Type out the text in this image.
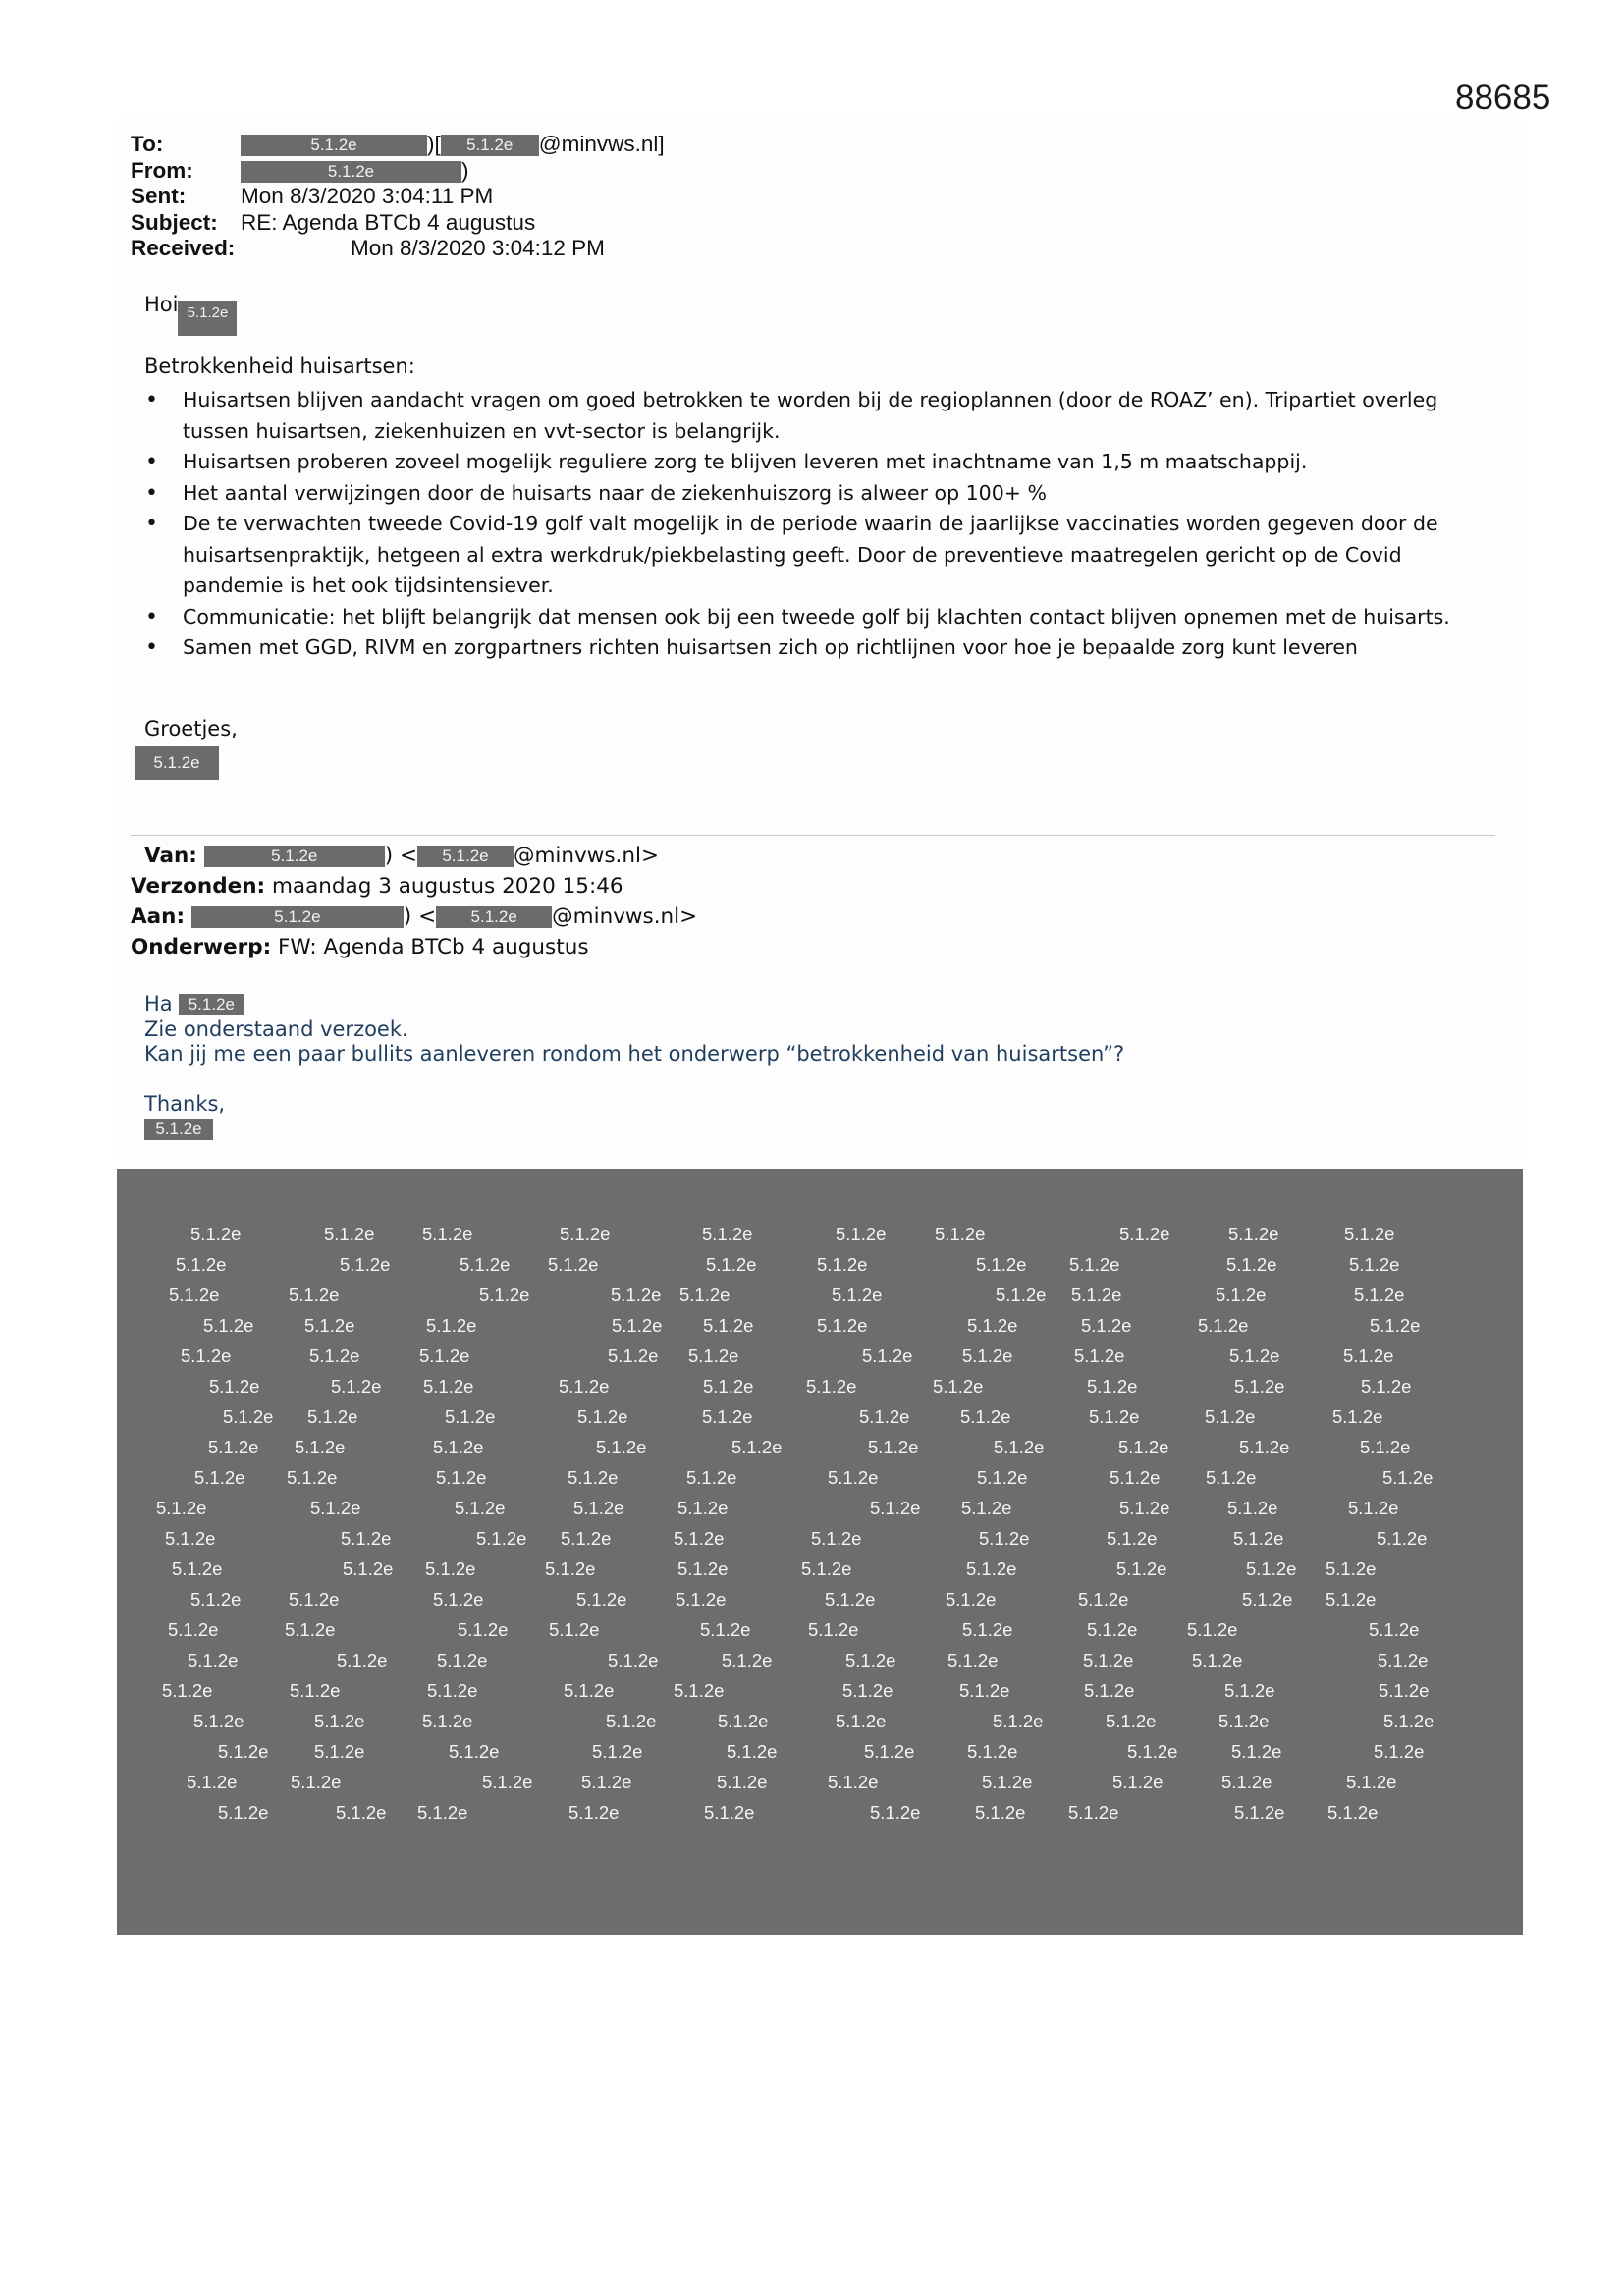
88685
To:	5.1.2e	)[ 5.1.2e @minvws.nl]
From:	5.1.2e	)
Sent: Mon 8/3/2020 3:04:11 PM
Subject: RE: Agenda BTCb 4 augustus
Received:	Mon 8/3/2020 3:04:12 PM
Hoi 5.1.2e
Betrokkenheid huisartsen:
• Huisartsen blijven aandacht vragen om goed betrokken te worden bij de regioplannen (door de ROAZ’ en). Tripartiet overleg tussen huisartsen, ziekenhuizen en vvt-sector is belangrijk.
• Huisartsen proberen zoveel mogelijk reguliere zorg te blijven leveren met inachtname van 1,5 m maatschappij.
• Het aantal verwijzingen door de huisarts naar de ziekenhuiszorg is alweer op 100+ %
• De te verwachten tweede Covid-19 golf valt mogelijk in de periode waarin de jaarlijkse vaccinaties worden gegeven door de huisartsenpraktijk, hetgeen al extra werkdruk/piekbelasting geeft. Door de preventieve maatregelen gericht op de Covid pandemie is het ook tijdsintensiever.
• Communicatie: het blijft belangrijk dat mensen ook bij een tweede golf bij klachten contact blijven opnemen met de huisarts.
• Samen met GGD, RIVM en zorgpartners richten huisartsen zich op richtlijnen voor hoe je bepaalde zorg kunt leveren
Groetjes,
5.1.2e
Van:	5.1.2e	) < 5.1.2e @minvws.nl>
Verzonden: maandag 3 augustus 2020 15:46
Aan:	5.1.2e	) < 5.1.2e @minvws.nl>
Onderwerp: FW: Agenda BTCb 4 augustus
Ha 5.1.2e
Zie onderstaand verzoek.
Kan jij me een paar bullits aanleveren rondom het onderwerp “betrokkenheid van huisartsen”?
Thanks,
5.1.2e
5.1.2e	5.1.2e	5.1.2e	5.1.2e	5.1.2e	5.1.2e	5.1.2e	5.1.2e	5.1.2e	5.1.2e
5.1.2e	5.1.2e	5.1.2e 5.1.2e	5.1.2e	5.1.2e	5.1.2e 5.1.2e	5.1.2e	5.1.2e
5.1.2e	5.1.2e	5.1.2e	5.1.2e 5.1.2e	5.1.2e	5.1.2e 5.1.2e	5.1.2e	5.1.2e
5.1.2e	5.1.2e	5.1.2e	5.1.2e 5.1.2e	5.1.2e	5.1.2e	5.1.2e	5.1.2e	5.1.2e
5.1.2e	5.1.2e	5.1.2e	5.1.2e 5.1.2e	5.1.2e	5.1.2e	5.1.2e	5.1.2e	5.1.2e
5.1.2e	5.1.2e 5.1.2e	5.1.2e	5.1.2e	5.1.2e	5.1.2e	5.1.2e	5.1.2e	5.1.2e
5.1.2e 5.1.2e	5.1.2e	5.1.2e	5.1.2e	5.1.2e	5.1.2e	5.1.2e	5.1.2e	5.1.2e
5.1.2e 5.1.2e	5.1.2e	5.1.2e	5.1.2e	5.1.2e	5.1.2e	5.1.2e	5.1.2e	5.1.2e
5.1.2e 5.1.2e	5.1.2e	5.1.2e	5.1.2e	5.1.2e	5.1.2e	5.1.2e	5.1.2e	5.1.2e
5.1.2e	5.1.2e	5.1.2e	5.1.2e	5.1.2e	5.1.2e 5.1.2e	5.1.2e	5.1.2e	5.1.2e
5.1.2e	5.1.2e	5.1.2e 5.1.2e	5.1.2e	5.1.2e	5.1.2e	5.1.2e	5.1.2e	5.1.2e
5.1.2e	5.1.2e 5.1.2e	5.1.2e	5.1.2e	5.1.2e	5.1.2e	5.1.2e	5.1.2e 5.1.2e
5.1.2e	5.1.2e	5.1.2e	5.1.2e	5.1.2e	5.1.2e	5.1.2e	5.1.2e	5.1.2e 5.1.2e
5.1.2e	5.1.2e	5.1.2e 5.1.2e	5.1.2e	5.1.2e	5.1.2e	5.1.2e	5.1.2e	5.1.2e
5.1.2e	5.1.2e	5.1.2e	5.1.2e	5.1.2e	5.1.2e	5.1.2e	5.1.2e	5.1.2e	5.1.2e
5.1.2e	5.1.2e	5.1.2e	5.1.2e	5.1.2e	5.1.2e	5.1.2e	5.1.2e	5.1.2e	5.1.2e
5.1.2e	5.1.2e	5.1.2e	5.1.2e	5.1.2e	5.1.2e	5.1.2e	5.1.2e	5.1.2e	5.1.2e
5.1.2e	5.1.2e	5.1.2e	5.1.2e	5.1.2e	5.1.2e	5.1.2e	5.1.2e	5.1.2e	5.1.2e
5.1.2e	5.1.2e	5.1.2e	5.1.2e	5.1.2e	5.1.2e	5.1.2e	5.1.2e	5.1.2e	5.1.2e
5.1.2e	5.1.2e 5.1.2e	5.1.2e	5.1.2e	5.1.2e	5.1.2e 5.1.2e	5.1.2e 5.1.2e
